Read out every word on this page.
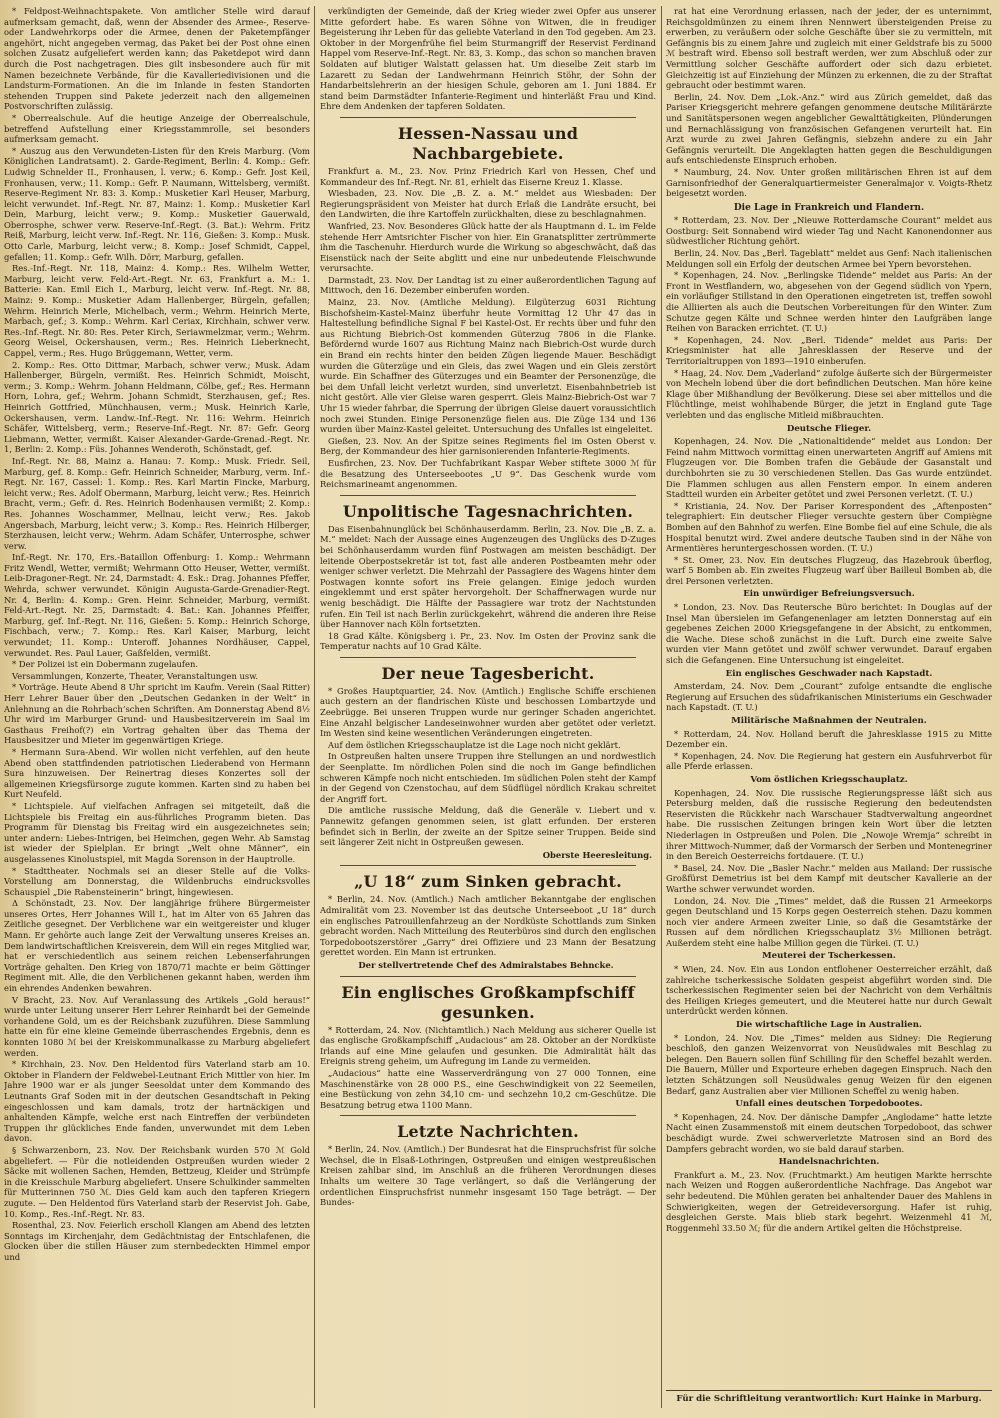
* Feldpost-Weihnachtspakete. Von amtlicher Stelle wird darauf aufmerksam gemacht, daß, wenn der Absender des Armee-, Reserve- oder Landwehrkorps oder die Armee, denen der Paketempfänger angehört, nicht angegeben vermag, das Paket bei der Post ohne einen solchen Zusatz aufgeliefert werden kann; das Paketdepot wird dann durch die Post nachgetragen. Dies gilt insbesondere auch für mit Namen bezeichnete Verbände, für die Kavalleriedivisionen und die Landsturm-Formationen. An die im Inlande in festen Standorten stehenden Truppen sind Pakete jederzeit nach den allgemeinen Postvorschriften zulässig.

* Oberrealschule. Auf die heutige Anzeige der Oberrealschule, betreffend Aufstellung einer Kriegsstammrolle, sei besonders aufmerksam gemacht.

* Auszug aus den Verwundeten-Listen für den Kreis Marburg. (Vom Königlichen Landratsamt). 2. Garde-Regiment, Berlin: 4. Komp.: Gefr. Ludwig Schnelder II., Fronhausen, l. verw.; 6. Komp.: Gefr. Jost Keil, Fronhausen, verw.; 11. Komp.: Gefr. P. Naumann, Wittelsberg, vermißt. Reserve-Regiment Nr. 83: 3. Komp.: Musketier Karl Heuser, Marburg, leicht verwundet. Inf.-Regt. Nr. 87, Mainz: 1. Komp.: Musketier Karl Dein, Marburg, leicht verw.; 9. Komp.: Musketier Gauerwald, Oberrosphe, schwer verw. Reserve-Inf.-Regt. (3. Bat.): Wehrm. Fritz Reiß, Marburg, leicht verw. Inf.-Regt. Nr. 116, Gießen: 3. Komp.: Musk. Otto Carle, Marburg, leicht verw.; 8. Komp.: Josef Schmidt, Cappel, gefallen; 11. Komp.: Gefr. Wilh. Dörr, Marburg, gefallen.

Res.-Inf.-Regt. Nr. 118, Mainz: 4. Komp.: Res. Wilhelm Wetter, Marburg, leicht verw. Feld-Art.-Regt. Nr. 63, Frankfurt a. M.: 1. Batterie: Kan. Emil Eich I., Marburg, leicht verw. Inf.-Regt. Nr. 88, Mainz: 9. Komp.: Musketier Adam Hallenberger, Bürgeln, gefallen; Wehrm. Heinrich Merle, Michelbach, verm.; Wehrm. Heinrich Merte, Marbach, gef.; 3. Komp.: Wehrm. Karl Ceriax, Kirchhain, schwer verw. Res.-Inf.-Regt. Nr. 80: Res. Peter Kirch, Seriawmelzmar, verm.; Wehrm. Georg Weisel, Ockershausen, verm.; Res. Heinrich Lieberknecht, Cappel, verm.; Res. Hugo Brüggemann, Wetter, verm.

2. Komp.: Res. Otto Dittmar, Marbach, schwer verw.; Musk. Adam Hallenberger, Bürgeln, vermißt. Res. Heinrich Schmidt, Moischt, verm.; 3. Komp.: Wehrm. Johann Heldmann, Cölbe, gef.; Res. Hermann Horn, Lohra, gef.; Wehrm. Johann Schmidt, Sterzhausen, gef.; Res. Heinrich Gottfried, Münchhausen, verm.; Musk. Heinrich Karle, Ockershausen, verm. Landw.-Inf.-Regt. Nr. 116: Wehrm. Heinrich Schäfer, Wittelsberg, verm.; Reserve-Inf.-Regt. Nr. 87: Gefr. Georg Liebmann, Wetter, vermißt. Kaiser Alexander-Garde-Grenad.-Regt. Nr. 1, Berlin: 2. Komp.: Füs. Johannes Wenderoth, Schönstadt, gef.

Inf.-Regt. Nr. 88, Mainz a. Hanau: 7. Komp.: Musk. Friedr. Seil, Marburg, gef. 8. Komp.: Gefr. Heinrich Schneider, Marburg, verm. Inf.-Regt. Nr. 167, Cassel: 1. Komp.: Res. Karl Martin Fincke, Marburg, leicht verw.; Res. Adolf Obermann, Marburg, leicht verw.; Res. Heinrich Bracht, verm.; Gefr. d. Res. Heinrich Bodenhausen vermißt; 2. Komp.: Res. Johannes Woschammer, Mellnau, leicht verw.; Res. Jakob Angersbach, Marburg, leicht verw.; 3. Komp.: Res. Heinrich Hilberger, Sterzhausen, leicht verw.; Wehrm. Adam Schäfer, Unterrosphe, schwer verw.

Inf.-Regt. Nr. 170, Ers.-Bataillon Offenburg: 1. Komp.: Wehrmann Fritz Wendl, Wetter, vermißt; Wehrmann Otto Heuser, Wetter, vermißt. Leib-Dragoner-Regt. Nr. 24, Darmstadt: 4. Esk.: Drag. Johannes Pfeffer, Wehrda, schwer verwundet. Königin Augusta-Garde-Grenadier-Regt. Nr. 4, Berlin: 4. Komp.: Gren. Heinr. Schneider, Marburg, vermißt. Feld-Art.-Regt. Nr. 25, Darmstadt: 4. Bat.: Kan. Johannes Pfeiffer, Marburg, gef. Inf.-Regt. Nr. 116, Gießen: 5. Komp.: Heinrich Schorge, Fischbach, verw.; 7. Komp.: Res. Karl Kaiser, Marburg, leicht verwundet; 11. Komp.: Unteroff. Johannes Nordhäuser, Cappel, verwundet. Res. Paul Lauer, Gaßfelden, vermißt.

* Der Polizei ist ein Dobermann zugelaufen.

Versammlungen, Konzerte, Theater, Veranstaltungen usw.

* Vorträge. Heute Abend 8 Uhr spricht im Kaufm. Verein (Saal Ritter) Herr Lehrer Bauer über den „Deutschen Gedanken in der Welt“ in Anlehnung an die Rohrbach’schen Schriften. Am Donnerstag Abend 8½ Uhr wird im Marburger Grund- und Hausbesitzerverein im Saal im Gasthaus Freihof(?) ein Vortrag gehalten über das Thema der Hausbesitzer und Mieter im gegenwärtigen Kriege.

* Hermann Sura-Abend. Wir wollen nicht verfehlen, auf den heute Abend oben stattfindenden patriotischen Liederabend von Hermann Sura hinzuweisen. Der Reinertrag dieses Konzertes soll der allgemeinen Kriegsfürsorge zugute kommen. Karten sind zu haben bei Kurt Neufeld.

* Lichtspiele. Auf vielfachen Anfragen sei mitgeteilt, daß die Lichtspiele bis Freitag ein aus-führliches Programm bieten. Das Programm für Dienstag bis Freitag wird ein ausgezeichnetes sein; unter andern: Liebes-Intrigen, bei Heimchen, gegen Wehr. Ab Samstag ist wieder der Spielplan. Er bringt „Welt ohne Männer“, ein ausgelassenes Kinolustspiel, mit Magda Sorenson in der Hauptrolle.

* Stadttheater. Nochmals sei an dieser Stelle auf die Volks-Vorstellung am Donnerstag, die Wildenbruchs eindrucksvolles Schauspiel „Die Rabensteinerin“ bringt, hingewiesen.

Δ Schönstadt, 23. Nov. Der langjährige frühere Bürgermeister unseres Ortes, Herr Johannes Will I., hat im Alter von 65 Jahren das Zeitliche gesegnet. Der Verblichene war ein weitgereister und kluger Mann. Er gehörte auch lange Zeit der Verwaltung unseres Kreises an. Dem landwirtschaftlichen Kreisverein, dem Will ein reges Mitglied war, hat er verschiedentlich aus seinem reichen Lebenserfahrungen Vorträge gehalten. Den Krieg von 1870/71 machte er beim Göttinger Regiment mit. Alle, die den Verblichenen gekannt haben, werden ihm ein ehrendes Andenken bewahren.

V Bracht, 23. Nov. Auf Veranlassung des Artikels „Gold heraus!“ wurde unter Leitung unserer Herr Lehrer Reinhardt bei der Gemeinde vorhandene Gold, um es der Reichsbank zuzuführen. Diese Sammlung hatte ein für eine kleine Gemeinde überraschendes Ergebnis, denn es konnten 1080 ℳ bei der Kreiskommunalkasse zu Marburg abgeliefert werden.

* Kirchhain, 23. Nov. Den Heldentod fürs Vaterland starb am 10. Oktober in Flandern der Feldwebel-Leutnant Erich Mittler von hier. Im Jahre 1900 war er als junger Seesoldat unter dem Kommando des Leutnants Graf Soden mit in der deutschen Gesandtschaft in Peking eingeschlossen und kam damals, trotz der hartnäckigen und anhaltenden Kämpfe, welche erst nach Eintreffen der verbündeten Truppen ihr glückliches Ende fanden, unverwundet mit dem Leben davon.

§ Schwarzenborn, 23. Nov. Der Reichsbank wurden 570 ℳ Gold abgeliefert. — Für die notleidenden Ostpreußen wurden wieder 2 Säcke mit wollenen Sachen, Hemden, Bettzeug, Kleider und Strümpfe in die Kreisschule Marburg abgeliefert. Unsere Schulkinder sammelten für Mutterinnen 750 ℳ. Dies Geld kam auch den tapferen Kriegern zugute. — Den Heldentod fürs Vaterland starb der Reservist Joh. Gabe, 10. Komp., Res.-Inf.-Regt. Nr. 83.

Rosenthal, 23. Nov. Feierlich erscholl Klangen am Abend des letzten Sonntags im Kirchenjahr, dem Gedächtnistag der Entschlafenen, die Glocken über die stillen Häuser zum sternbedeckten Himmel empor und

verkündigten der Gemeinde, daß der Krieg wieder zwei Opfer aus unserer Mitte gefordert habe. Es waren Söhne von Witwen, die in freudiger Begeisterung ihr Leben für das geliebte Vaterland in den Tod gegeben. Am 23. Oktober in der Morgenfrühe fiel beim Sturmangriff der Reservist Ferdinand Happel vom Reserve-Inf.-Regt. Nr. 83, 3. Komp., das schon so manchen braven Soldaten auf blutiger Walstatt gelassen hat. Um dieselbe Zeit starb im Lazarett zu Sedan der Landwehrmann Heinrich Stöhr, der Sohn der Handarbeitslehrerin an der hiesigen Schule, geboren am 1. Juni 1884. Er stand beim Darmstädter Infanterie-Regiment und hinterläßt Frau und Kind. Ehre dem Andenken der tapferen Soldaten.

Hessen-Nassau und Nachbargebiete.

Frankfurt a. M., 23. Nov. Prinz Friedrich Karl von Hessen, Chef und Kommandeur des Inf.-Regt. Nr. 81, erhielt das Eiserne Kreuz 1. Klasse.

Wiesbaden, 23. Nov. Die „B. Z. a. M.“ meldet aus Wiesbaden: Der Regierungspräsident von Meister hat durch Erlaß die Landräte ersucht, bei den Landwirten, die ihre Kartoffeln zurückhalten, diese zu beschlagnahmen.

Wanfried, 23. Nov. Besonderes Glück hatte der als Hauptmann d. L. im Felde stehende Herr Amtsrichter Fischer von hier. Ein Granatsplitter zertrümmerte ihm die Taschenuhr. Hierdurch wurde die Wirkung so abgeschwächt, daß das Eisenstück nach der Seite abglitt und eine nur unbedeutende Fleischwunde verursachte.

Darmstadt, 23. Nov. Der Landtag ist zu einer außerordentlichen Tagung auf Mittwoch, den 16. Dezember einberufen worden.

Mainz, 23. Nov. (Amtliche Meldung). Eilgüterzug 6031 Richtung Bischofsheim-Kastel-Mainz überfuhr heute Vormittag 12 Uhr 47 das in Haltestellung befindliche Signal F bei Kastel-Ost. Er rechts über und fuhr den aus Richtung Biebrich-Ost kommenden Güterzug 7806 in die Flanke. Befördernd wurde 1607 aus Richtung Mainz nach Biebrich-Ost wurde durch ein Brand ein rechts hinter den beiden Zügen liegende Mauer. Beschädigt wurden die Güterzüge und ein Gleis, das zwei Wagen und ein Gleis zerstört wurde. Ein Schaffner des Güterzuges und ein Beamter der Personenzüge, die bei dem Unfall leicht verletzt wurden, sind unverletzt. Eisenbahnbetrieb ist nicht gestört. Alle vier Gleise waren gesperrt. Gleis Mainz-Biebrich-Ost war 7 Uhr 15 wieder fahrbar, die Sperrung der übrigen Gleise dauert voraussichtlich noch zwei Stunden. Einige Personenzüge fielen aus. Die Züge 134 und 136 wurden über Mainz-Kastel geleitet. Untersuchung des Unfalles ist eingeleitet.

Gießen, 23. Nov. An der Spitze seines Regiments fiel im Osten Oberst v. Berg, der Kommandeur des hier garnisonierenden Infanterie-Regiments.

Eusfirchen, 23. Nov. Der Tuchfabrikant Kaspar Weber stiftete 3000 ℳ für die Besatzung des Unterseebootes „U 9“. Das Geschenk wurde vom Reichsmarineamt angenommen.

Unpolitische Tagesnachrichten.

Das Eisenbahnunglück bei Schönhauserdamm. Berlin, 23. Nov. Die „B. Z. a. M.“ meldet: Nach der Aussage eines Augenzeugen des Unglücks des D-Zuges bei Schönhauserdamm wurden fünf Postwagen am meisten beschädigt. Der leitende Oberpostsekretär ist tot, fast alle anderen Postbeamten mehr oder weniger schwer verletzt. Die Mehrzahl der Passagiere des Wagens hinter dem Postwagen konnte sofort ins Freie gelangen. Einige jedoch wurden eingeklemmt und erst später hervorgeholt. Der Schaffnerwagen wurde nur wenig beschädigt. Die Hälfte der Passagiere war trotz der Nachtstunden rufen. Ein Teil ist nach Berlin zurückgekehrt, während die anderen ihre Reise über Hannover nach Köln fortsetzten.

18 Grad Kälte. Königsberg i. Pr., 23. Nov. Im Osten der Provinz sank die Temperatur nachts auf 10 Grad Kälte.

Der neue Tagesbericht.

* Großes Hauptquartier, 24. Nov. (Amtlich.) Englische Schiffe erschienen auch gestern an der flandrischen Küste und beschossen Lombartzyde und Zeebrügge. Bei unseren Truppen wurde nur geringer Schaden angerichtet. Eine Anzahl belgischer Landeseinwohner wurden aber getötet oder verletzt. Im Westen sind keine wesentlichen Veränderungen eingetreten.

Auf dem östlichen Kriegsschauplatze ist die Lage noch nicht geklärt.

In Ostpreußen halten unsere Truppen ihre Stellungen an und nordwestlich der Seenplatte. Im nördlichen Polen sind die noch im Gange befindlichen schweren Kämpfe noch nicht entschieden. Im südlichen Polen steht der Kampf in der Gegend von Czenstochau, auf dem Südflügel nördlich Krakau schreitet der Angriff fort.

Die amtliche russische Meldung, daß die Generäle v. Liebert und v. Pannewitz gefangen genommen seien, ist glatt erfunden. Der ersteren befindet sich in Berlin, der zweite an der Spitze seiner Truppen. Beide sind seit längerer Zeit nicht in Ostpreußen gewesen.

Oberste Heeresleitung.
„U 18“ zum Sinken gebracht.

* Berlin, 24. Nov. (Amtlich.) Nach amtlicher Bekanntgabe der englischen Admiralität vom 23. November ist das deutsche Unterseeboot „U 18“ durch ein englisches Patrouillenfahrzeug an der Nordküste Schottlands zum Sinken gebracht worden. Nach Mitteilung des Reuterbüros sind durch den englischen Torpedobootszerstörer „Garry“ drei Offiziere und 23 Mann der Besatzung gerettet worden. Ein Mann ist ertrunken.

Der stellvertretende Chef des Admiralstabes Behncke.
Ein englisches Großkampfschiff gesunken.

* Rotterdam, 24. Nov. (Nichtamtlich.) Nach Meldung aus sicherer Quelle ist das englische Großkampfschiff „Audacious“ am 28. Oktober an der Nordküste Irlands auf eine Mine gelaufen und gesunken. Die Admiralität hält das Ereignis streng geheim, um Aufregung im Lande zu vermeiden.

„Audacious“ hatte eine Wasserverdrängung von 27 000 Tonnen, eine Maschinenstärke von 28 000 P.S., eine Geschwindigkeit von 22 Seemeilen, eine Bestückung von zehn 34,10 cm- und sechzehn 10,2 cm-Geschütze. Die Besatzung betrug etwa 1100 Mann.

Letzte Nachrichten.

* Berlin, 24. Nov. (Amtlich.) Der Bundesrat hat die Einspruchsfrist für solche Wechsel, die in Elsaß-Lothringen, Ostpreußen und einigen westpreußischen Kreisen zahlbar sind, im Anschluß an die früheren Verordnungen dieses Inhalts um weitere 30 Tage verlängert, so daß die Verlängerung der ordentlichen Einspruchsfrist nunmehr insgesamt 150 Tage beträgt. — Der Bundes-

rat hat eine Verordnung erlassen, nach der jeder, der es unternimmt, Reichsgoldmünzen zu einem ihren Nennwert übersteigenden Preise zu erwerben, zu veräußern oder solche Geschäfte über sie zu vermitteln, mit Gefängnis bis zu einem Jahre und zugleich mit einer Geldstrafe bis zu 5000 ℳ bestraft wird. Ebenso soll bestraft werden, wer zum Abschluß oder zur Vermittlung solcher Geschäfte auffordert oder sich dazu erbietet. Gleichzeitig ist auf Einziehung der Münzen zu erkennen, die zu der Straftat gebraucht oder bestimmt waren.

Berlin, 24. Nov. Dem „Lok.-Anz.“ wird aus Zürich gemeldet, daß das Pariser Kriegsgericht mehrere gefangen genommene deutsche Militärärzte und Sanitätspersonen wegen angeblicher Gewalttätigkeiten, Plünderungen und Bernachlässigung von französischen Gefangenen verurteilt hat. Ein Arzt wurde zu zwei Jahren Gefängnis, siebzehn andere zu ein Jahr Gefängnis verurteilt. Die Angeklagten hatten gegen die Beschuldigungen aufs entschiedenste Einspruch erhoben.

* Naumburg, 24. Nov. Unter großen militärischen Ehren ist auf dem Garnisonfriedhof der Generalquartiermeister Generalmajor v. Voigts-Rhetz beigesetzt worden.

Die Lage in Frankreich und Flandern.

* Rotterdam, 23. Nov. Der „Nieuwe Rotterdamsche Courant“ meldet aus Oostburg: Seit Sonnabend wird wieder Tag und Nacht Kanonendonner aus südwestlicher Richtung gehört.

Berlin, 24. Nov. Das „Berl. Tageblatt“ meldet aus Genf: Nach italienischen Meldungen soll ein Erfolg der deutschen Armee bei Ypern bevorstehen.

* Kopenhagen, 24. Nov. „Berlingske Tidende“ meldet aus Paris: An der Front in Westflandern, wo, abgesehen von der Gegend südlich von Ypern, ein vorläufiger Stillstand in den Operationen eingetreten ist, treffen sowohl die Alliierten als auch die Deutschen Vorbereitungen für den Winter. Zum Schutze gegen Kälte und Schnee werden hinter den Laufgräben lange Reihen von Baracken errichtet. (T. U.)

* Kopenhagen, 24. Nov. „Berl. Tidende“ meldet aus Paris: Der Kriegsminister hat alle Jahresklassen der Reserve und der Territorialtruppen von 1893—1910 einberufen.

* Haag, 24. Nov. Dem „Vaderland“ zufolge äußerte sich der Bürgermeister von Mecheln lobend über die dort befindlichen Deutschen. Man höre keine Klage über Mißhandlung der Bevölkerung. Diese sei aber mittellos und die Flüchtlinge, meist wohlhabende Bürger, die jetzt in England gute Tage verlebten und das englische Mitleid mißbrauchten.

Deutsche Flieger.

Kopenhagen, 24. Nov. Die „Nationaltidende“ meldet aus London: Der Feind nahm Mittwoch vormittag einen unerwarteten Angriff auf Amiens mit Flugzeugen vor. Die Bomben trafen die Gebäude der Gasanstalt und durchbohrten sie zu 30 verschiedenen Stellen. Das Gas wurde entzündet. Die Flammen schlugen aus allen Fenstern empor. In einem anderen Stadtteil wurden ein Arbeiter getötet und zwei Personen verletzt. (T. U.)

* Kristiania, 24. Nov. Der Pariser Korrespondent des „Aftenposten“ telegraphiert: Ein deutscher Flieger versuchte gestern über Compiègne Bomben auf den Bahnhof zu werfen. Eine Bombe fiel auf eine Schule, die als Hospital benutzt wird. Zwei andere deutsche Tauben sind in der Nähe von Armentières heruntergeschossen worden. (T. U.)

* St. Omer, 23. Nov. Ein deutsches Flugzeug, das Hazebrouk überflog, warf 5 Bomben ab. Ein zweites Flugzeug warf über Bailleul Bomben ab, die drei Personen verletzten.

Ein unwürdiger Befreiungsversuch.

* London, 23. Nov. Das Reutersche Büro berichtet: In Douglas auf der Insel Man übersielen im Gefangenenlager am letzten Donnerstag auf ein gegebenes Zeichen 2000 Kriegsgefangene in der Absicht, zu entkommen, die Wache. Diese schoß zunächst in die Luft. Durch eine zweite Salve wurden vier Mann getötet und zwölf schwer verwundet. Darauf ergaben sich die Gefangenen. Eine Untersuchung ist eingeleitet.

Ein englisches Geschwader nach Kapstadt.

Amsterdam, 24. Nov. Dem „Courant“ zufolge entsandte die englische Regierung auf Ersuchen des südafrikanischen Ministeriums ein Geschwader nach Kapstadt. (T. U.)

Militärische Maßnahmen der Neutralen.

* Rotterdam, 24. Nov. Holland beruft die Jahresklasse 1915 zu Mitte Dezember ein.

* Kopenhagen, 24. Nov. Die Regierung hat gestern ein Ausfuhrverbot für alle Pferde erlassen.

Vom östlichen Kriegsschauplatz.

Kopenhagen, 24. Nov. Die russische Regierungspresse läßt sich aus Petersburg melden, daß die russische Regierung den bedeutendsten Reservisten die Rückkehr nach Warschauer Stadtverwaltung angeordnet habe. Die russischen Zeitungen bringen kein Wort über die letzten Niederlagen in Ostpreußen und Polen. Die „Nowoje Wremja“ schreibt in ihrer Mittwoch-Nummer, daß der Vormarsch der Serben und Montenegriner in den Bereich Oesterreichs fortdauere. (T. U.)

* Basel, 24. Nov. Die „Basler Nachr.“ melden aus Mailand: Der russische Großfürst Demetrius ist bei dem Kampf mit deutscher Kavallerie an der Warthe schwer verwundet worden.

London, 24. Nov. Die „Times“ meldet, daß die Russen 21 Armeekorps gegen Deutschland und 15 Korps gegen Oesterreich stehen. Dazu kommen noch vier andere Armeen zweiter Linie, so daß die Gesamtstärke der Russen auf dem nördlichen Kriegsschauplatz 3½ Millionen beträgt. Außerdem steht eine halbe Million gegen die Türkei. (T. U.)

Meuterei der Tscherkessen.

* Wien, 24. Nov. Ein aus London entflohener Oesterreicher erzählt, daß zahlreiche tscherkessische Soldaten gespeist abgeführt worden sind. Die tscherkessischen Regimenter seien bei der Nachricht von dem Verhältnis des Heiligen Krieges gemeutert, und die Meuterei hatte nur durch Gewalt unterdrückt werden können.

Die wirtschaftliche Lage in Australien.

* London, 24. Nov. Die „Times“ melden aus Sidney: Die Regierung beschloß, den ganzen Weizenvorrat von Neusüdwales mit Beschlag zu belegen. Den Bauern sollen fünf Schilling für den Scheffel bezahlt werden. Die Bauern, Müller und Exporteure erheben dagegen Einspruch. Nach den letzten Schätzungen soll Neusüdwales genug Weizen für den eigenen Bedarf, ganz Australien aber vier Millionen Scheffel zu wenig haben.

Unfall eines deutschen Torpedobootes.

* Kopenhagen, 24. Nov. Der dänische Dampfer „Anglodame“ hatte letzte Nacht einen Zusammenstoß mit einem deutschen Torpedoboot, das schwer beschädigt wurde. Zwei schwerverletzte Matrosen sind an Bord des Dampfers gebracht worden, wo sie bald darauf starben.

Handelsnachrichten.

Frankfurt a. M., 23. Nov. (Fruchtmarkt.) Am heutigen Markte herrschte nach Weizen und Roggen außerordentliche Nachfrage. Das Angebot war sehr bedeutend. Die Mühlen geraten bei anhaltender Dauer des Mahlens in Schwierigkeiten, wegen der Getreideversorgung. Hafer ist ruhig, desgleichen Gerste. Mais blieb stark begehrt. Weizenmehl 41 ℳ, Roggenmehl 33.50 ℳ; für die andern Artikel gelten die Höchstpreise.

Für die Schriftleitung verantwortlich: Kurt Hainke in Marburg.
